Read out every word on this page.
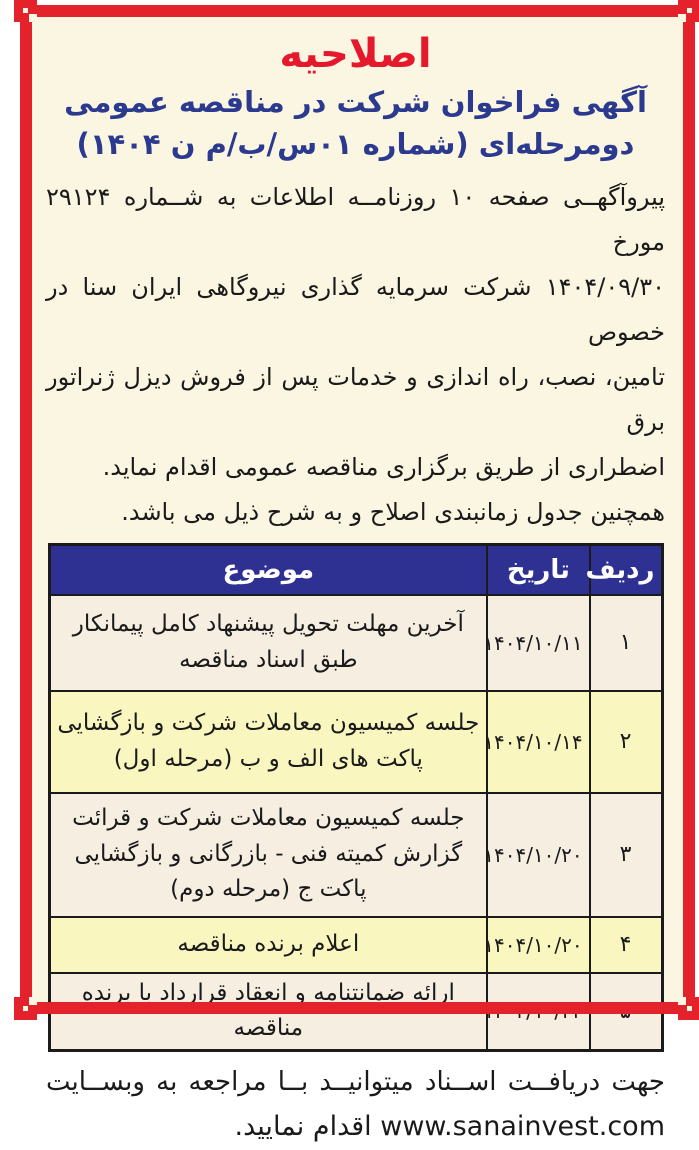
اصلاحیه
آگهی فراخوان شرکت در مناقصه عمومی
دومرحله‌ای (شماره ۰۱س/ب/م ن ۱۴۰۴)
پیروآگهــی صفحه ۱۰ روزنامــه اطلاعات به شــماره ۲۹۱۲۴ مورخ
۱۴۰۴/۰۹/۳۰ شرکت سرمایه گذاری نیروگاهی ایران سنا در خصوص
تامین، نصب، راه اندازی و خدمات پس از فروش دیزل ژنراتور برق
اضطراری از طریق برگزاری مناقصه عمومی اقدام نماید.
همچنین جدول زمانبندی اصلاح و به شرح ذیل می باشد.
ردیف	تاریخ	موضوع
۱	۱۴۰۴/۱۰/۱۱	آخرین مهلت تحویل پیشنهاد کامل پیمانکار طبق اسناد مناقصه
۲	۱۴۰۴/۱۰/۱۴	جلسه کمیسیون معاملات شرکت و بازگشایی پاکت های الف و ب (مرحله اول)
۳	۱۴۰۴/۱۰/۲۰	جلسه کمیسیون معاملات شرکت و قرائت گزارش کمیته فنی - بازرگانی و بازگشایی پاکت ج (مرحله دوم)
۴	۱۴۰۴/۱۰/۲۰	اعلام برنده مناقصه
۵	۱۴۰۴/۱۰/۲۴	ارائه ضمانتنامه و انعقاد قرارداد با برنده مناقصه
جهت دریافــت اســناد میتوانیــد بــا مراجعه به وبســایت
www.sanainvest.com اقدام نمایید.
